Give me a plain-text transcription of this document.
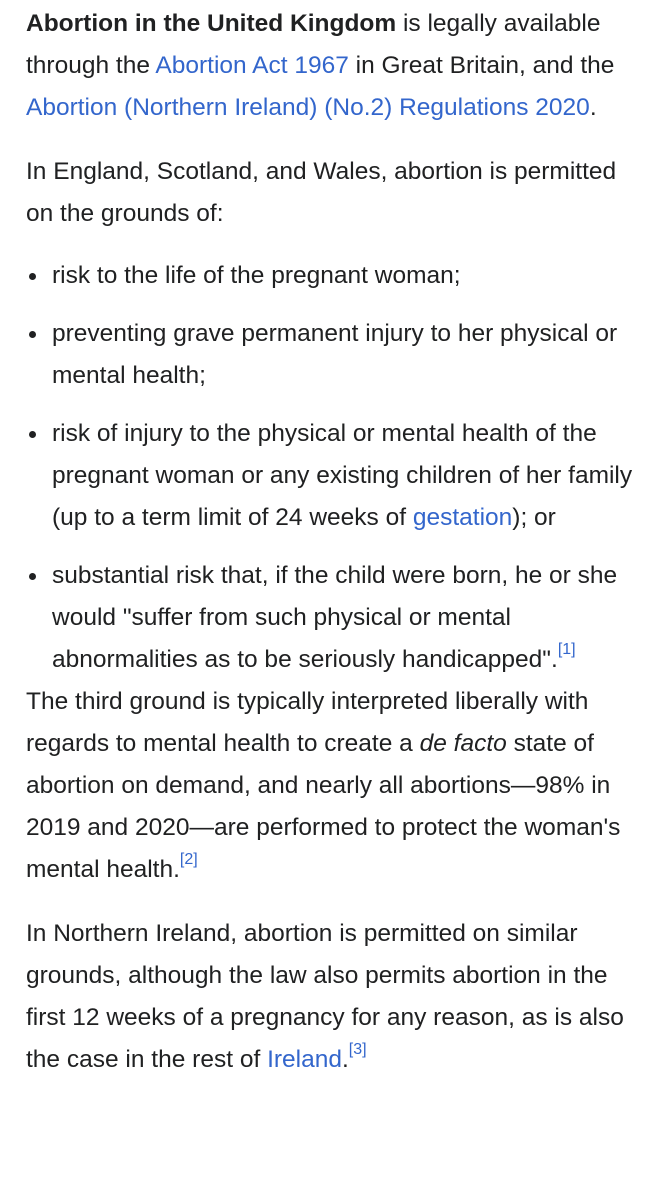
Abortion in the United Kingdom is legally available through the Abortion Act 1967 in Great Britain, and the Abortion (Northern Ireland) (No.2) Regulations 2020.

In England, Scotland, and Wales, abortion is permitted on the grounds of:

risk to the life of the pregnant woman;
preventing grave permanent injury to her physical or mental health;
risk of injury to the physical or mental health of the pregnant woman or any existing children of her family (up to a term limit of 24 weeks of gestation); or
substantial risk that, if the child were born, he or she would "suffer from such physical or mental abnormalities as to be seriously handicapped".[1]

The third ground is typically interpreted liberally with regards to mental health to create a de facto state of abortion on demand, and nearly all abortions—98% in 2019 and 2020—are performed to protect the woman's mental health.[2]

In Northern Ireland, abortion is permitted on similar grounds, although the law also permits abortion in the first 12 weeks of a pregnancy for any reason, as is also the case in the rest of Ireland.[3]
